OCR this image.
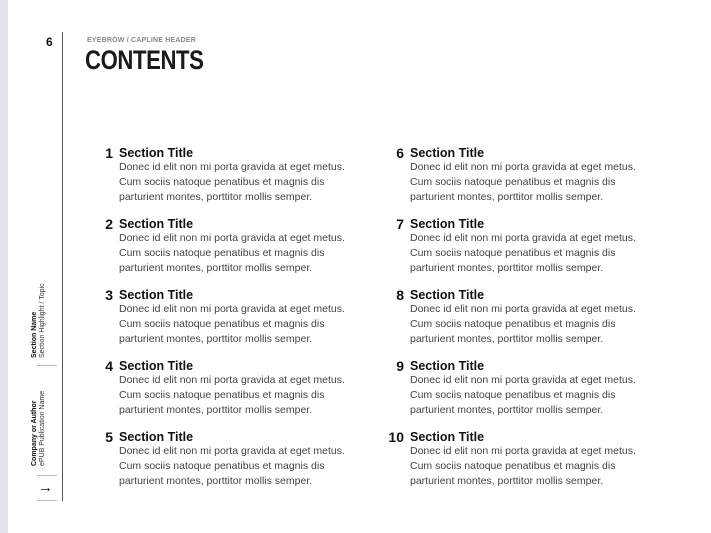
6	EYEBROW / CAPLINE HEADER
CONTENTS
Section Name Section Highlight / Topic
Company or Author ePUB Publication Name
→
1 Section Title
Donec id elit non mi porta gravida at eget metus.
Cum sociis natoque penatibus et magnis dis
parturient montes, porttitor mollis semper.
2 Section Title
Donec id elit non mi porta gravida at eget metus.
Cum sociis natoque penatibus et magnis dis
parturient montes, porttitor mollis semper.
3 Section Title
Donec id elit non mi porta gravida at eget metus.
Cum sociis natoque penatibus et magnis dis
parturient montes, porttitor mollis semper.
4 Section Title
Donec id elit non mi porta gravida at eget metus.
Cum sociis natoque penatibus et magnis dis
parturient montes, porttitor mollis semper.
5 Section Title
Donec id elit non mi porta gravida at eget metus.
Cum sociis natoque penatibus et magnis dis
parturient montes, porttitor mollis semper.
6 Section Title
Donec id elit non mi porta gravida at eget metus.
Cum sociis natoque penatibus et magnis dis
parturient montes, porttitor mollis semper.
7 Section Title
Donec id elit non mi porta gravida at eget metus.
Cum sociis natoque penatibus et magnis dis
parturient montes, porttitor mollis semper.
8 Section Title
Donec id elit non mi porta gravida at eget metus.
Cum sociis natoque penatibus et magnis dis
parturient montes, porttitor mollis semper.
9 Section Title
Donec id elit non mi porta gravida at eget metus.
Cum sociis natoque penatibus et magnis dis
parturient montes, porttitor mollis semper.
10 Section Title
Donec id elit non mi porta gravida at eget metus.
Cum sociis natoque penatibus et magnis dis
parturient montes, porttitor mollis semper.
